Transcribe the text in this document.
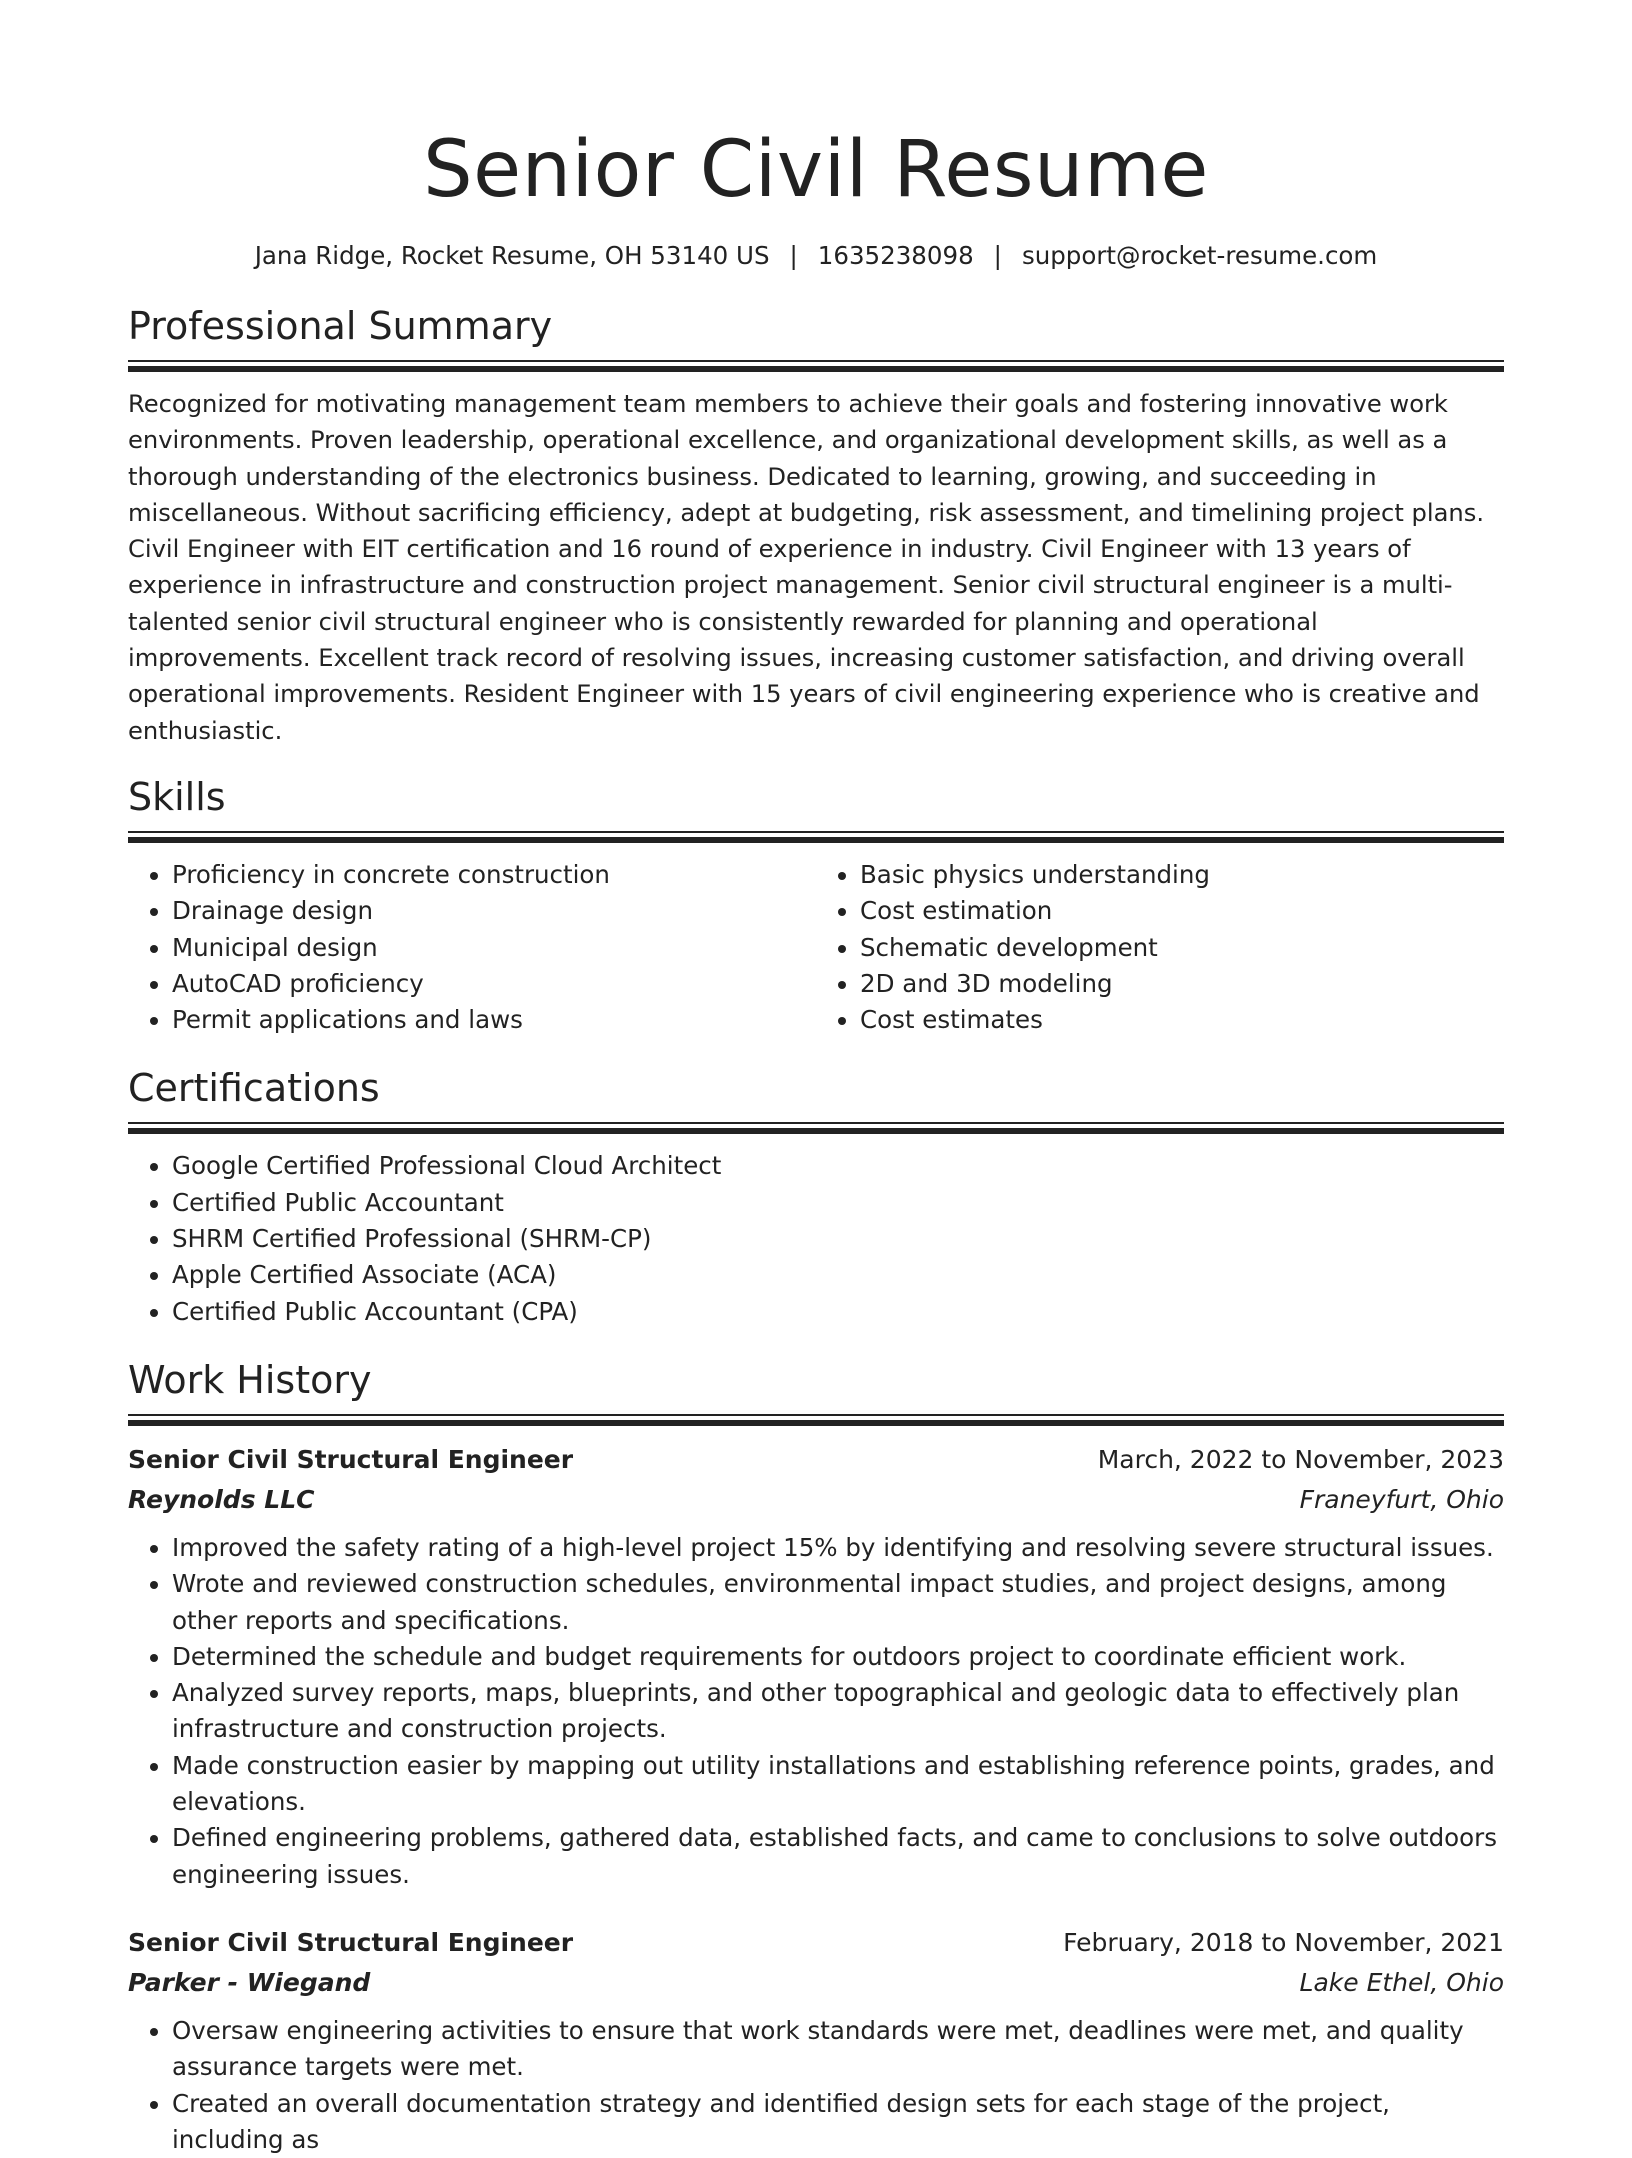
Senior Civil Resume
Jana Ridge, Rocket Resume, OH 53140 US | 1635238098 | support@rocket-resume.com
Professional Summary

Recognized for motivating management team members to achieve their goals and fostering innovative work environments. Proven leadership, operational excellence, and organizational development skills, as well as a thorough understanding of the electronics business. Dedicated to learning, growing, and succeeding in miscellaneous. Without sacrificing efficiency, adept at budgeting, risk assessment, and timelining project plans. Civil Engineer with EIT certification and 16 round of experience in industry. Civil Engineer with 13 years of experience in infrastructure and construction project management. Senior civil structural engineer is a multi-talented senior civil structural engineer who is consistently rewarded for planning and operational improvements. Excellent track record of resolving issues, increasing customer satisfaction, and driving overall operational improvements. Resident Engineer with 15 years of civil engineering experience who is creative and enthusiastic.

Skills
• Proficiency in concrete construction
• Drainage design
• Municipal design
• AutoCAD proficiency
• Permit applications and laws
• Basic physics understanding
• Cost estimation
• Schematic development
• 2D and 3D modeling
• Cost estimates
Certifications
• Google Certified Professional Cloud Architect
• Certified Public Accountant
• SHRM Certified Professional (SHRM-CP)
• Apple Certified Associate (ACA)
• Certified Public Accountant (CPA)
Work History
Senior Civil Structural Engineer	March, 2022 to November, 2023
Reynolds LLC	Franeyfurt, Ohio
• Improved the safety rating of a high-level project 15% by identifying and resolving severe structural issues.
• Wrote and reviewed construction schedules, environmental impact studies, and project designs, among other reports and specifications.
• Determined the schedule and budget requirements for outdoors project to coordinate efficient work.
• Analyzed survey reports, maps, blueprints, and other topographical and geologic data to effectively plan infrastructure and construction projects.
• Made construction easier by mapping out utility installations and establishing reference points, grades, and elevations.
• Defined engineering problems, gathered data, established facts, and came to conclusions to solve outdoors engineering issues.
Senior Civil Structural Engineer	February, 2018 to November, 2021
Parker - Wiegand	Lake Ethel, Ohio
• Oversaw engineering activities to ensure that work standards were met, deadlines were met, and quality assurance targets were met.
• Created an overall documentation strategy and identified design sets for each stage of the project, including as
